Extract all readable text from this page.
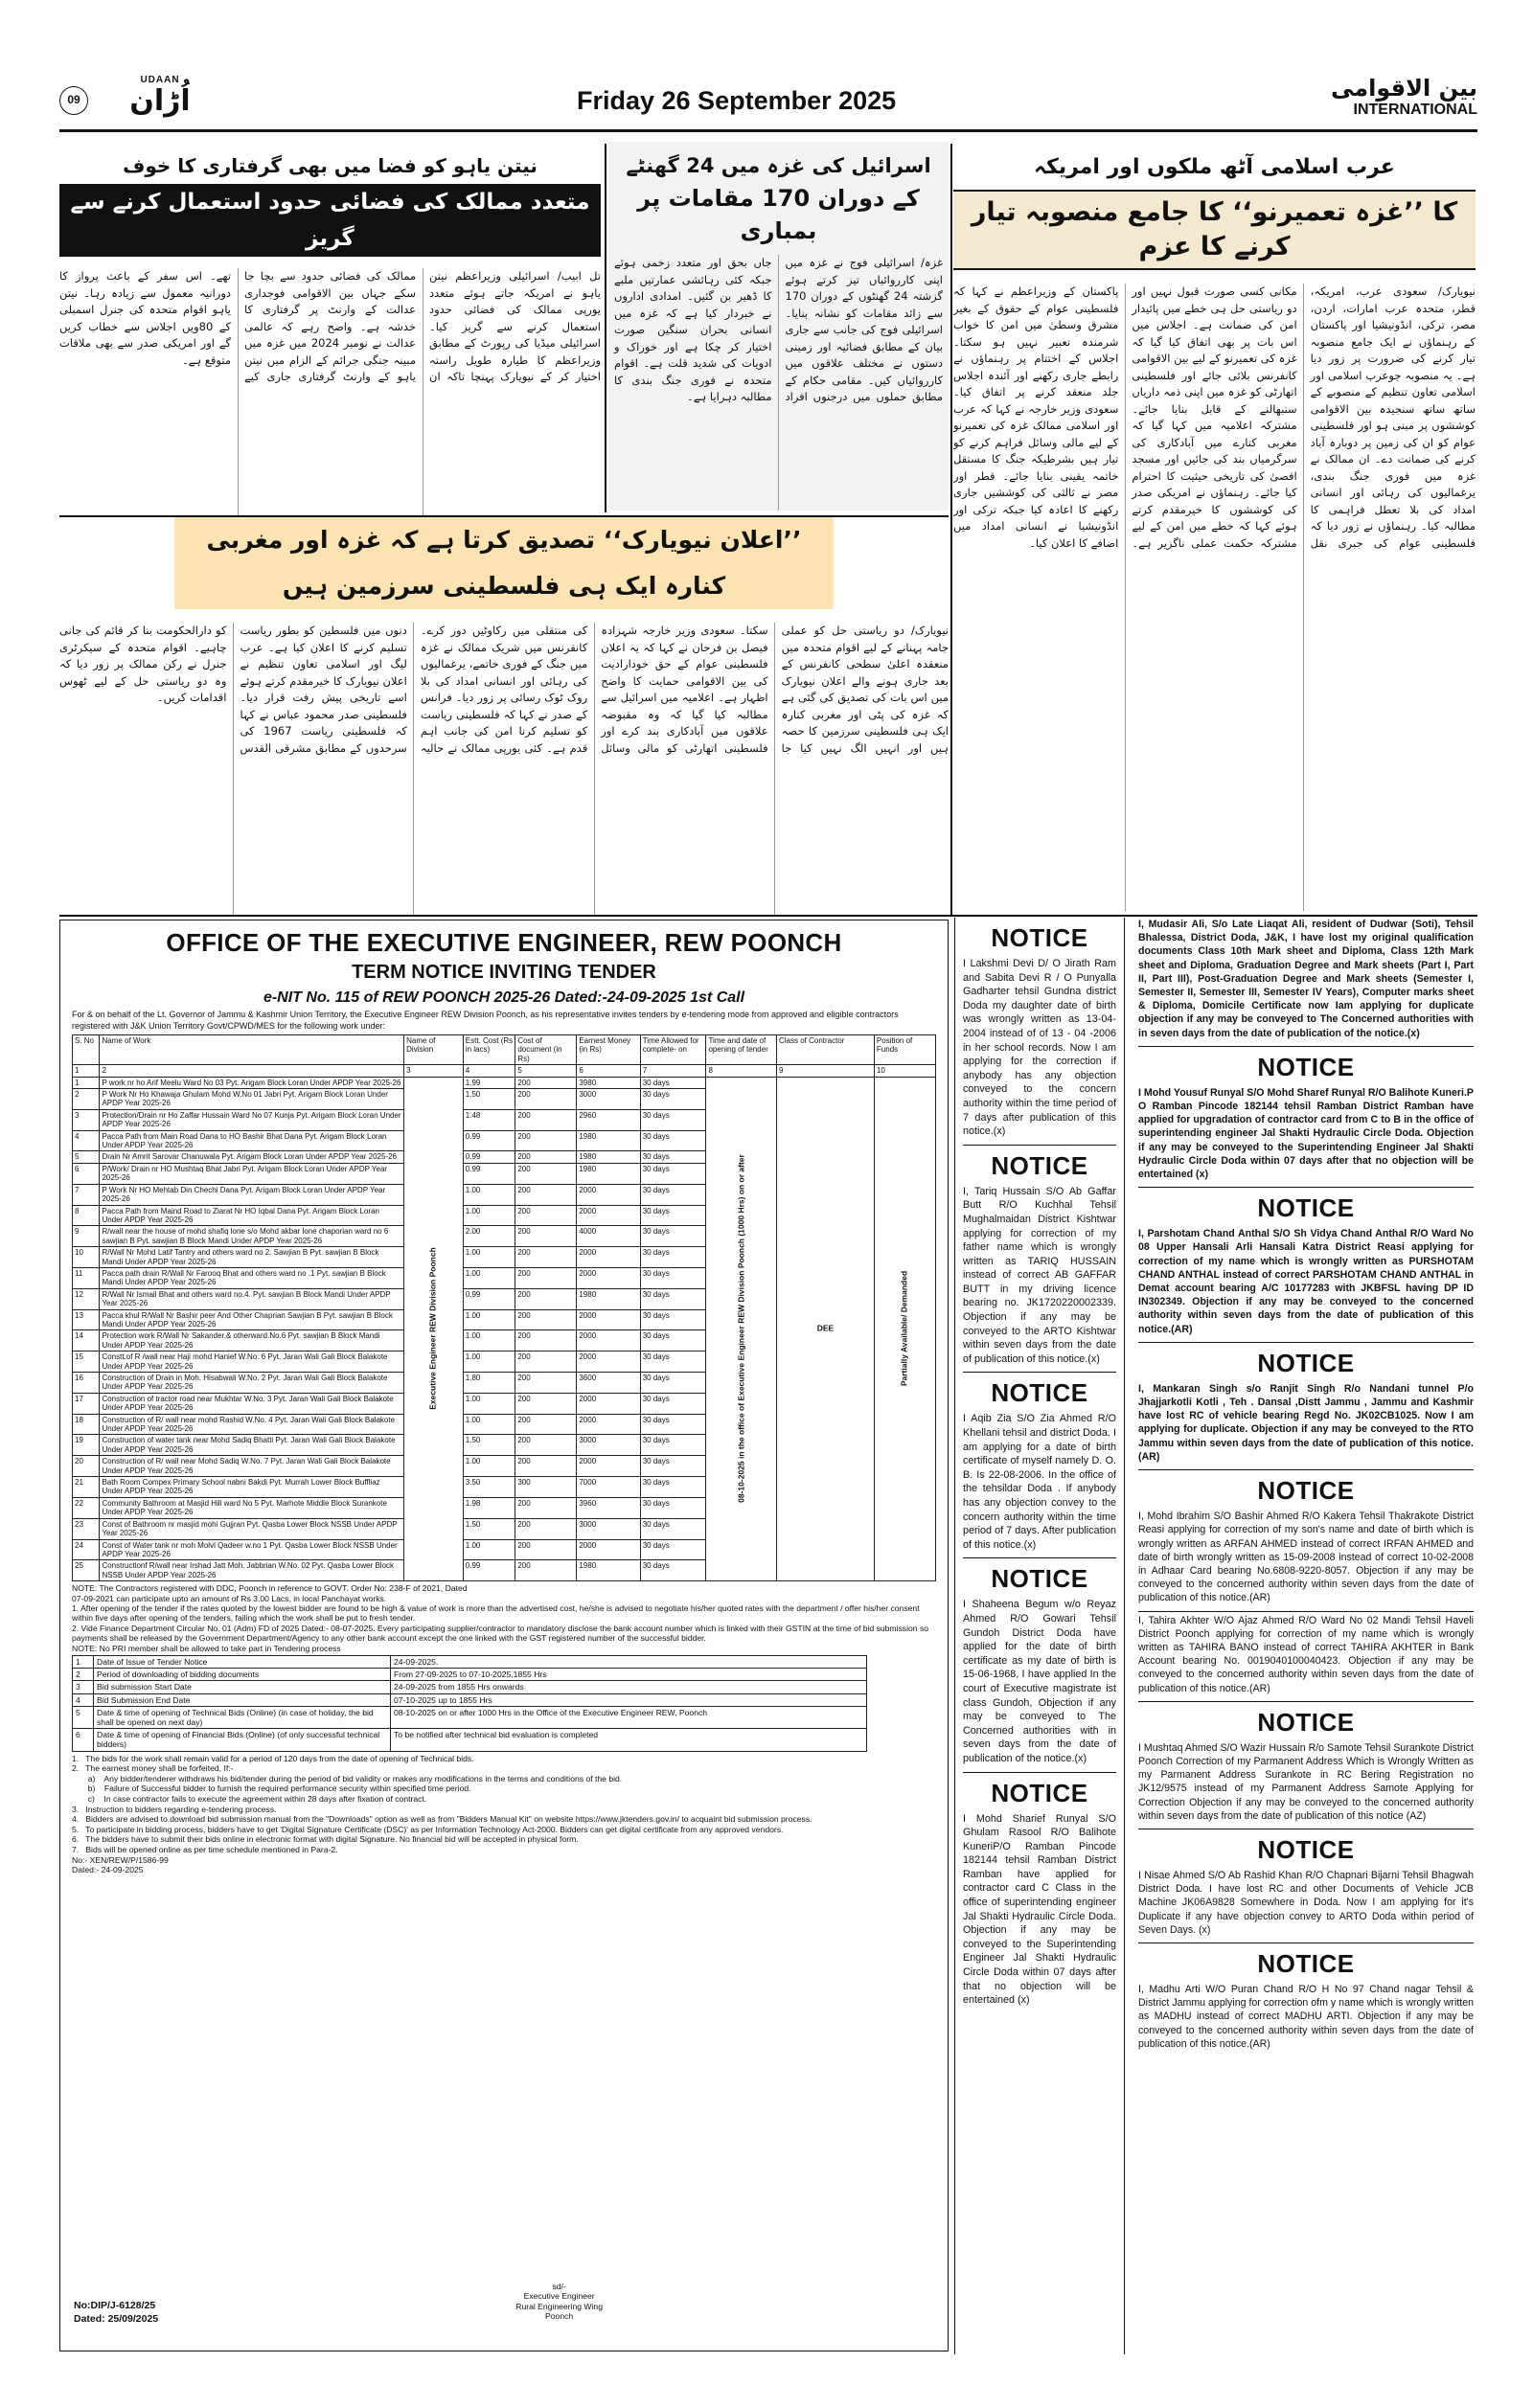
09
UDAAN
اُڑان	Friday 26 September 2025	بین الاقوامی
INTERNATIONAL
عرب اسلامی آٹھ ملکوں اور امریکہ
کا ’’غزہ تعمیرنو‘‘ کا جامع منصوبہ تیار کرنے کا عزم
نیویارک/ سعودی عرب، امریکہ، قطر، متحدہ عرب امارات، اردن، مصر، ترکی، انڈونیشیا اور پاکستان کے رہنماؤں نے ایک جامع منصوبہ تیار کرنے کی ضرورت پر زور دیا ہے۔ یہ منصوبہ جوعرب اسلامی اور اسلامی تعاون تنظیم کے منصوبے کے ساتھ ساتھ سنجیدہ بین الاقوامی کوششوں پر مبنی ہو اور فلسطینی عوام کو ان کی زمین پر دوبارہ آباد کرنے کی ضمانت دے۔ ان ممالک نے غزہ میں فوری جنگ بندی، یرغمالیوں کی رہائی اور انسانی امداد کی بلا تعطل فراہمی کا مطالبہ کیا۔ رہنماؤں نے زور دیا کہ فلسطینی عوام کی جبری نقل مکانی کسی صورت قبول نہیں اور دو ریاستی حل ہی خطے میں پائیدار امن کی ضمانت ہے۔ اجلاس میں اس بات پر بھی اتفاق کیا گیا کہ غزہ کی تعمیرنو کے لیے بین الاقوامی کانفرنس بلائی جائے اور فلسطینی اتھارٹی کو غزہ میں اپنی ذمہ داریاں سنبھالنے کے قابل بنایا جائے۔ مشترکہ اعلامیہ میں کہا گیا کہ مغربی کنارے میں آبادکاری کی سرگرمیاں بند کی جائیں اور مسجد اقصیٰ کی تاریخی حیثیت کا احترام کیا جائے۔ رہنماؤں نے امریکی صدر کی کوششوں کا خیرمقدم کرتے ہوئے کہا کہ خطے میں امن کے لیے مشترکہ حکمت عملی ناگزیر ہے۔ پاکستان کے وزیراعظم نے کہا کہ فلسطینی عوام کے حقوق کے بغیر مشرق وسطیٰ میں امن کا خواب شرمندہ تعبیر نہیں ہو سکتا۔ اجلاس کے اختتام پر رہنماؤں نے رابطے جاری رکھنے اور آئندہ اجلاس جلد منعقد کرنے پر اتفاق کیا۔ سعودی وزیر خارجہ نے کہا کہ عرب اور اسلامی ممالک غزہ کی تعمیرنو کے لیے مالی وسائل فراہم کرنے کو تیار ہیں بشرطیکہ جنگ کا مستقل خاتمہ یقینی بنایا جائے۔ قطر اور مصر نے ثالثی کی کوششیں جاری رکھنے کا اعادہ کیا جبکہ ترکی اور انڈونیشیا نے انسانی امداد میں اضافے کا اعلان کیا۔
اسرائیل کی غزہ میں 24 گھنٹے
کے دوران 170 مقامات پر بمباری
غزہ/ اسرائیلی فوج نے غزہ میں اپنی کارروائیاں تیز کرتے ہوئے گزشتہ 24 گھنٹوں کے دوران 170 سے زائد مقامات کو نشانہ بنایا۔ اسرائیلی فوج کی جانب سے جاری بیان کے مطابق فضائیہ اور زمینی دستوں نے مختلف علاقوں میں کارروائیاں کیں۔ مقامی حکام کے مطابق حملوں میں درجنوں افراد جاں بحق اور متعدد زخمی ہوئے جبکہ کئی رہائشی عمارتیں ملبے کا ڈھیر بن گئیں۔ امدادی اداروں نے خبردار کیا ہے کہ غزہ میں انسانی بحران سنگین صورت اختیار کر چکا ہے اور خوراک و ادویات کی شدید قلت ہے۔ اقوام متحدہ نے فوری جنگ بندی کا مطالبہ دہرایا ہے۔
نیتن یاہو کو فضا میں بھی گرفتاری کا خوف
متعدد ممالک کی فضائی حدود استعمال کرنے سے گریز
تل ابیب/ اسرائیلی وزیراعظم نیتن یاہو نے امریکہ جاتے ہوئے متعدد یورپی ممالک کی فضائی حدود استعمال کرنے سے گریز کیا۔ اسرائیلی میڈیا کی رپورٹ کے مطابق وزیراعظم کا طیارہ طویل راستہ اختیار کر کے نیویارک پہنچا تاکہ ان ممالک کی فضائی حدود سے بچا جا سکے جہاں بین الاقوامی فوجداری عدالت کے وارنٹ پر گرفتاری کا خدشہ ہے۔ واضح رہے کہ عالمی عدالت نے نومبر 2024 میں غزہ میں مبینہ جنگی جرائم کے الزام میں نیتن یاہو کے وارنٹ گرفتاری جاری کیے تھے۔ اس سفر کے باعث پرواز کا دورانیہ معمول سے زیادہ رہا۔ نیتن یاہو اقوام متحدہ کی جنرل اسمبلی کے 80ویں اجلاس سے خطاب کریں گے اور امریکی صدر سے بھی ملاقات متوقع ہے۔
’’اعلان نیویارک‘‘ تصدیق کرتا ہے کہ غزہ اور مغربی کنارہ ایک ہی فلسطینی سرزمین ہیں
نیویارک/ دو ریاستی حل کو عملی جامہ پہنانے کے لیے اقوام متحدہ میں منعقدہ اعلیٰ سطحی کانفرنس کے بعد جاری ہونے والے اعلان نیویارک میں اس بات کی تصدیق کی گئی ہے کہ غزہ کی پٹی اور مغربی کنارہ ایک ہی فلسطینی سرزمین کا حصہ ہیں اور انہیں الگ نہیں کیا جا سکتا۔ سعودی وزیر خارجہ شہزادہ فیصل بن فرحان نے کہا کہ یہ اعلان فلسطینی عوام کے حق خودارادیت کی بین الاقوامی حمایت کا واضح اظہار ہے۔ اعلامیہ میں اسرائیل سے مطالبہ کیا گیا کہ وہ مقبوضہ علاقوں میں آبادکاری بند کرے اور فلسطینی اتھارٹی کو مالی وسائل کی منتقلی میں رکاوٹیں دور کرے۔ کانفرنس میں شریک ممالک نے غزہ میں جنگ کے فوری خاتمے، یرغمالیوں کی رہائی اور انسانی امداد کی بلا روک ٹوک رسائی پر زور دیا۔ فرانس کے صدر نے کہا کہ فلسطینی ریاست کو تسلیم کرنا امن کی جانب اہم قدم ہے۔ کئی یورپی ممالک نے حالیہ دنوں میں فلسطین کو بطور ریاست تسلیم کرنے کا اعلان کیا ہے۔ عرب لیگ اور اسلامی تعاون تنظیم نے اعلان نیویارک کا خیرمقدم کرتے ہوئے اسے تاریخی پیش رفت قرار دیا۔ فلسطینی صدر محمود عباس نے کہا کہ فلسطینی ریاست 1967 کی سرحدوں کے مطابق مشرقی القدس کو دارالحکومت بنا کر قائم کی جانی چاہیے۔ اقوام متحدہ کے سیکرٹری جنرل نے رکن ممالک پر زور دیا کہ وہ دو ریاستی حل کے لیے ٹھوس اقدامات کریں۔
OFFICE OF THE EXECUTIVE ENGINEER, REW POONCH
TERM NOTICE INVITING TENDER
e-NIT No. 115 of REW POONCH 2025-26 Dated:-24-09-2025 1st Call
For & on behalf of the Lt. Governor of Jammu & Kashmir Union Territory, the Executive Engineer REW Division Poonch, as his representative invites tenders by e-tendering mode from approved and eligible contractors registered with J&K Union Territory Govt/CPWD/MES for the following work under:
S. No	Name of Work	Name of Division	Estt. Cost (Rs in lacs)	Cost of document (in Rs)	Earnest Money (in Rs)	Time Allowed for complete- on	Time and date of opening of tender	Class of Contractor	Position of Funds
1	2	3	4	5	6	7	8	9	10
1	P work nr ho Arif Meelu Ward No 03 Pyt. Arigam Block Loran Under APDP Year 2025-26	Executive Engineer REW Division Poonch	1.99	200	3980	30 days	08-10-2025 in the office of Executive Engineer REW Division Poonch (1000 Hrs) on or after	DEE	Partially Available/ Demanded

2	P Work Nr Ho Khawaja Ghulam Mohd W.No 01 Jabri Pyt. Arigam Block Loran Under APDP Year 2025-26		1.50	200	3000	30 days			
3	Protection/Drain nr Ho Zaffar Hussain Ward No 07 Kunja Pyt. Arigam Block Loran Under APDP Year 2025-26		1.48	200	2960	30 days			
4	Pacca Path from Main Road Dana to HO Bashir Bhat Dana Pyt. Arigam Block Loran Under APDP Year 2025-26		0.99	200	1980	30 days			
5	Drain Nr Amrit Sarovar Chanuwala Pyt. Arigam Block Loran Under APDP Year 2025-26		0.99	200	1980	30 days			
6	P/Work/ Drain nr HO Mushtaq Bhat Jabri Pyt. Arigam Block Loran Under APDP Year 2025-26		0.99	200	1980	30 days			
7	P Work Nr HO Mehtab Din Chechi Dana Pyt. Arigam Block Loran Under APDP Year 2025-26		1.00	200	2000	30 days			
8	Pacca Path from Maind Road to Ziarat Nr HO Iqbal Dana Pyt. Arigam Block Loran Under APDP Year 2025-26		1.00	200	2000	30 days			
9	R/wall near the house of mohd shafiq lone s/o Mohd akbar lone chaporian ward no 6 sawjian B Pyt. sawjian B Block Mandi Under APDP Year 2025-26		2.00	200	4000	30 days			
10	R/Wall Nr Mohd Latif Tantry and others ward no 2. Sawjian B Pyt. sawjian B Block Mandi Under APDP Year 2025-26		1.00	200	2000	30 days			
11	Pacca path drain R/Wall Nr Farooq Bhat and others ward no .1 Pyt. sawjian B Block Mandi Under APDP Year 2025-26		1.00	200	2000	30 days			
12	R/Wall Nr Ismail Bhat and others ward no.4. Pyt. sawjian B Block Mandi Under APDP Year 2025-26		0.99	200	1980	30 days			
13	Pacca khul R/Wall Nr Bashir peer And Other Chaprian Sawjian B Pyt. sawjian B Block Mandi Under APDP Year 2025-26		1.00	200	2000	30 days			
14	Protection work R/Wall Nr Sakander.& otherward.No.6 Pyt. sawjian B Block Mandi Under APDP Year 2025-26		1.00	200	2000	30 days			
15	Constt.of R /wall near Haji mohd Hanief W.No. 6 Pyt. Jaran Wali Gali Block Balakote Under APDP Year 2025-26		1.00	200	2000	30 days			
16	Construction of Drain in Moh. Hisabwali W.No. 2 Pyt. Jaran Wali Gali Block Balakote Under APDP Year 2025-26		1.80	200	3600	30 days			
17	Construction of tractor road near Mukhtar W.No. 3 Pyt. Jaran Wali Gali Block Balakote Under APDP Year 2025-26		1.00	200	2000	30 days			
18	Construction of R/ wall near mohd Rashid W.No. 4 Pyt. Jaran Wali Gali Block Balakote Under APDP Year 2025-26		1.00	200	2000	30 days			
19	Construction of water tank near Mohd Sadiq Bhatti Pyt. Jaran Wali Gali Block Balakote Under APDP Year 2025-26		1.50	200	3000	30 days			
20	Construction of R/ wall near Mohd Sadiq W.No. 7 Pyt. Jaran Wali Gali Block Balakote Under APDP Year 2025-26		1.00	200	2000	30 days			
21	Bath Room Compex Primary School nabni Bakdi Pyt. Murrah Lower Block Buffliaz Under APDP Year 2025-26		3.50	300	7000	30 days			
22	Community Bathroom at Masjid Hill ward No 5 Pyt. Marhote Middle Block Surankote Under APDP Year 2025-26		1.98	200	3960	30 days			
23	Const of Bathroom nr masjid mohi Gujjran Pyt. Qasba Lower Block NSSB Under APDP Year 2025-26		1.50	200	3000	30 days			
24	Const of Water tank nr moh Molvi Qadeer w.no 1 Pyt. Qasba Lower Block NSSB Under APDP Year 2025-26		1.00	200	2000	30 days			
25	Constructionf R/wall near Irshad Jatt Moh. Jabbrian W.No. 02 Pyt. Qasba Lower Block NSSB Under APDP Year 2025-26		0.99	200	1980	30 days			
NOTE: The Contractors registered with DDC, Poonch in reference to GOVT. Order No: 238-F of 2021, Dated
07-09-2021 can participate upto an amount of Rs 3.00 Lacs, in local Panchayat works.
1. After opening of the tender if the rates quoted by the lowest bidder are found to be high & value of work is more than the advertised cost, he/she is advised to negotiate his/her quoted rates with the department / offer his/her consent within five days after opening of the tenders, failing which the work shall be put to fresh tender.
2. Vide Finance Department Circular No. 01 (Adm) FD of 2025 Dated:- 08-07-2025. Every participating supplier/contractor to mandatory disclose the bank account number which is linked with their GSTIN at the time of bid submission so payments shall be released by the Government Department/Agency to any other bank account except the one linked with the GST registered number of the successful bidder.
NOTE: No PRI member shall be allowed to take part in Tendering process
1	Date of Issue of Tender Notice	24-09-2025.
2	Period of downloading of bidding documents	From 27-09-2025 to 07-10-2025,1855 Hrs
3	Bid submission Start Date	24-09-2025 from 1855 Hrs onwards
4	Bid Submission End Date	07-10-2025 up to 1855 Hrs
5	Date & time of opening of Technical Bids (Online) (in case of holiday, the bid shall be opened on next day)	08-10-2025 on or after 1000 Hrs in the Office of the Executive Engineer REW, Poonch
6	Date & time of opening of Financial Bids (Online) (of only successful technical bidders)	To be notified after technical bid evaluation is completed
1.   The bids for the work shall remain valid for a period of 120 days from the date of opening of Technical bids.
2.   The earnest money shall be forfeited, If:-
a)    Any bidder/tenderer withdraws his bid/tender during the period of bid validity or makes any modifications in the terms and conditions of the bid.
b)    Failure of Successful bidder to furnish the required performance security within specified time period.
c)    In case contractor fails to execute the agreement within 28 days after fixation of contract.
3.   Instruction to bidders regarding e-tendering process.
4.   Bidders are advised to download bid submission manual from the "Downloads" option as well as from "Bidders Manual Kit" on website https://www.jktenders.gov.in/ to acquaint bid submission process.
5.   To participate in bidding process, bidders have to get 'Digital Signature Certificate (DSC)' as per Information Technology Act-2000. Bidders can get digital certificate from any approved vendors.
6.   The bidders have to submit their bids online in electronic format with digital Signature. No financial bid will be accepted in physical form.
7.   Bids will be opened online as per time schedule mentioned in Para-2.
No:- XEN/REW/P/1586-99
Dated:- 24-09-2025
sd/-
Executive Engineer
Rural Engineering Wing
Poonch
No:DIP/J-6128/25
Dated: 25/09/2025
NOTICE
I Lakshmi Devi D/ O Jirath Ram and Sabita Devi R / O Punyalla Gadharter tehsil Gundna district Doda my daughter date of birth was wrongly written as 13-04-2004 instead of of 13 - 04 -2006 in her school records. Now I am applying for the correction if anybody has any objection conveyed to the concern authority within the time period of 7 days after publication of this notice.(x)
NOTICE
I, Tariq Hussain S/O Ab Gaffar Butt R/O Kuchhal Tehsil Mughalmaidan District Kishtwar applying for correction of my father name which is wrongly written as TARIQ HUSSAIN instead of correct AB GAFFAR BUTT in my driving licence bearing no. JK1720220002339. Objection if any may be conveyed to the ARTO Kishtwar within seven days from the date of publication of this notice.(x)
NOTICE
I Aqib Zia S/O Zia Ahmed R/O Khellani tehsil and district Doda. I am applying for a date of birth certificate of myself namely D. O. B. Is 22-08-2006. In the office of the tehsildar Doda . If anybody has any objection convey to the concern authority within the time period of 7 days. After publication of this notice.(x)
NOTICE
I Shaheena Begum w/o Reyaz Ahmed R/O Gowari Tehsil Gundoh District Doda have applied for the date of birth certificate as my date of birth is 15-06-1968, I have applied In the court of Executive magistrate ist class Gundoh, Objection if any may be conveyed to The Concerned authorities with in seven days from the date of publication of the notice.(x)
NOTICE
I Mohd Sharief Runyal S/O Ghulam Rasool R/O Balihote KuneriP/O Ramban Pincode 182144 tehsil Ramban District Ramban have applied for contractor card C Class in the office of superintending engineer Jal Shakti Hydraulic Circle Doda. Objection if any may be conveyed to the Superintending Engineer Jal Shakti Hydraulic Circle Doda within 07 days after that no objection will be entertained (x)
I, Mudasir Ali, S/o Late Liaqat Ali, resident of Dudwar (Soti), Tehsil Bhalessa, District Doda, J&K, I have lost my original qualification documents Class 10th Mark sheet and Diploma, Class 12th Mark sheet and Diploma, Graduation Degree and Mark sheets (Part I, Part II, Part III), Post-Graduation Degree and Mark sheets (Semester I, Semester II, Semester III, Semester IV Years), Computer marks sheet & Diploma, Domicile Certificate now Iam applying for duplicate objection if any may be conveyed to The Concerned authorities with in seven days from the date of publication of the notice.(x)
NOTICE
I Mohd Yousuf Runyal S/O Mohd Sharef Runyal R/O Balihote Kuneri.P O Ramban Pincode 182144 tehsil Ramban District Ramban have applied for upgradation of contractor card from C to B in the office of superintending engineer Jal Shakti Hydraulic Circle Doda. Objection if any may be conveyed to the Superintending Engineer Jal Shakti Hydraulic Circle Doda within 07 days after that no objection will be entertained (x)
NOTICE
I, Parshotam Chand Anthal S/O Sh Vidya Chand Anthal R/O Ward No 08 Upper Hansali Arli Hansali Katra District Reasi applying for correction of my name which is wrongly written as PURSHOTAM CHAND ANTHAL instead of correct PARSHOTAM CHAND ANTHAL in Demat account bearing A/C 10177283 with JKBFSL having DP ID IN302349. Objection if any may be conveyed to the concerned authority within seven days from the date of publication of this notice.(AR)
NOTICE
I, Mankaran Singh s/o Ranjit Singh R/o Nandani tunnel P/o Jhajjarkotli Kotli , Teh . Dansal ,Distt Jammu , Jammu and Kashmir have lost RC of vehicle bearing Regd No. JK02CB1025. Now I am applying for duplicate. Objection if any may be conveyed to the RTO Jammu within seven days from the date of publication of this notice.(AR)
NOTICE
I, Mohd Ibrahim S/O Bashir Ahmed R/O Kakera Tehsil Thakrakote District Reasi applying for correction of my son's name and date of birth which is wrongly written as ARFAN AHMED instead of correct IRFAN AHMED and date of birth wrongly written as 15-09-2008 instead of correct 10-02-2008 in Adhaar Card bearing No.6808-9220-8057. Objection if any may be conveyed to the concerned authority within seven days from the date of publication of this notice.(AR)
I, Tahira Akhter W/O Ajaz Ahmed R/O Ward No 02 Mandi Tehsil Haveli District Poonch applying for correction of my name which is wrongly written as TAHIRA BANO instead of correct TAHIRA AKHTER in Bank Account bearing No. 0019040100040423. Objection if any may be conveyed to the concerned authority within seven days from the date of publication of this notice.(AR)
NOTICE
I Mushtaq Ahmed S/O Wazir Hussain R/o Samote Tehsil Surankote District Poonch Correction of my Parmanent Address Which is Wrongly Written as my Parmanent Address Surankote in RC Bering Registration no JK12/9575 instead of my Parmanent Address Samote Applying for Correction Objection if any may be conveyed to the concerned authority within seven days from the date of publication of this notice (AZ)
NOTICE
I Nisae Ahmed S/O Ab Rashid Khan R/O Chapnari Bijarni Tehsil Bhagwah District Doda. I have lost RC and other Documents of Vehicle JCB Machine JK06A9828 Somewhere in Doda. Now I am applying for it's Duplicate if any have objection convey to ARTO Doda within period of Seven Days. (x)
NOTICE
I, Madhu Arti W/O Puran Chand R/O H No 97 Chand nagar Tehsil & District Jammu applying for correction ofm y name which is wrongly written as MADHU instead of correct MADHU ARTI. Objection if any may be conveyed to the concerned authority within seven days from the date of publication of this notice.(AR)
